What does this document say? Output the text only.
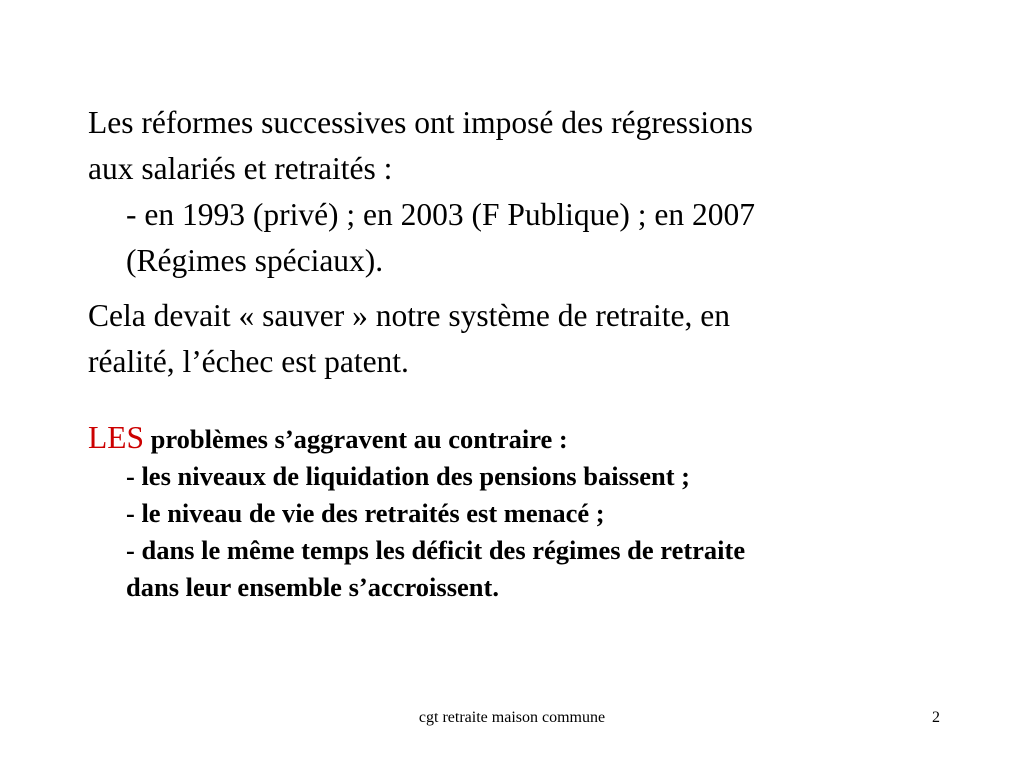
Les réformes successives ont imposé des régressions
aux salariés et retraités :
- en 1993 (privé) ; en 2003 (F Publique) ; en 2007
(Régimes spéciaux).
Cela devait « sauver » notre système de retraite, en
réalité, l’échec est patent.
LES problèmes s’aggravent au contraire :
- les niveaux de liquidation des pensions baissent ;
- le niveau de vie des retraités est menacé ;
- dans le même temps les déficit des régimes de retraite
dans leur ensemble s’accroissent.
cgt retraite maison commune	2
